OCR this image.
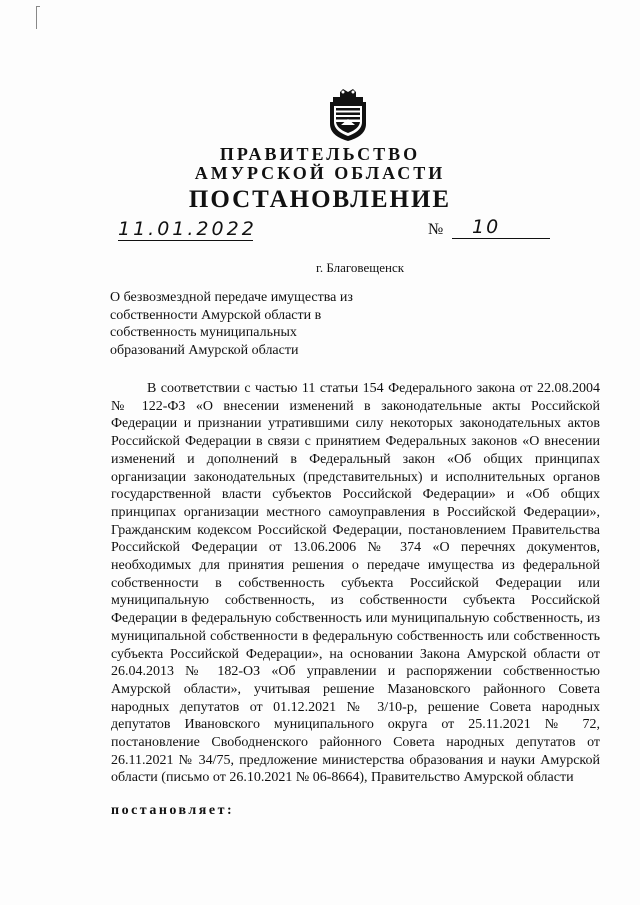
ПРАВИТЕЛЬСТВО
АМУРСКОЙ ОБЛАСТИ
ПОСТАНОВЛЕНИЕ
11.01.2022	№	10
г. Благовещенск
О безвозмездной передаче имущества из собственности Амурской области в собственность муниципальных образований Амурской области

В соответствии с частью 11 статьи 154 Федерального закона от 22.08.2004 № 122-ФЗ «О внесении изменений в законодательные акты Российской Федерации и признании утратившими силу некоторых законодательных актов Российской Федерации в связи с принятием Федеральных законов «О внесении изменений и дополнений в Федеральный закон «Об общих принципах организации законодательных (представительных) и исполнительных органов государственной власти субъектов Российской Федерации» и «Об общих принципах организации местного самоуправления в Российской Федерации», Гражданским кодексом Российской Федерации, постановлением Правительства Российской Федерации от 13.06.2006 № 374 «О перечнях документов, необходимых для принятия решения о передаче имущества из федеральной собственности в собственность субъекта Российской Федерации или муниципальную собственность, из собственности субъекта Российской Федерации в федеральную собственность или муниципальную собственность, из муниципальной собственности в федеральную собственность или собственность субъекта Российской Федерации», на основании Закона Амурской области от 26.04.2013 № 182-ОЗ «Об управлении и распоряжении собственностью Амурской области», учитывая решение Мазановского районного Совета народных депутатов от 01.12.2021 № 3/10-р, решение Совета народных депутатов Ивановского муниципального округа от 25.11.2021 № 72, постановление Свободненского районного Совета народных депутатов от 26.11.2021 № 34/75, предложение министерства образования и науки Амурской области (письмо от 26.10.2021 № 06-8664), Правительство Амурской области

постановляет:
